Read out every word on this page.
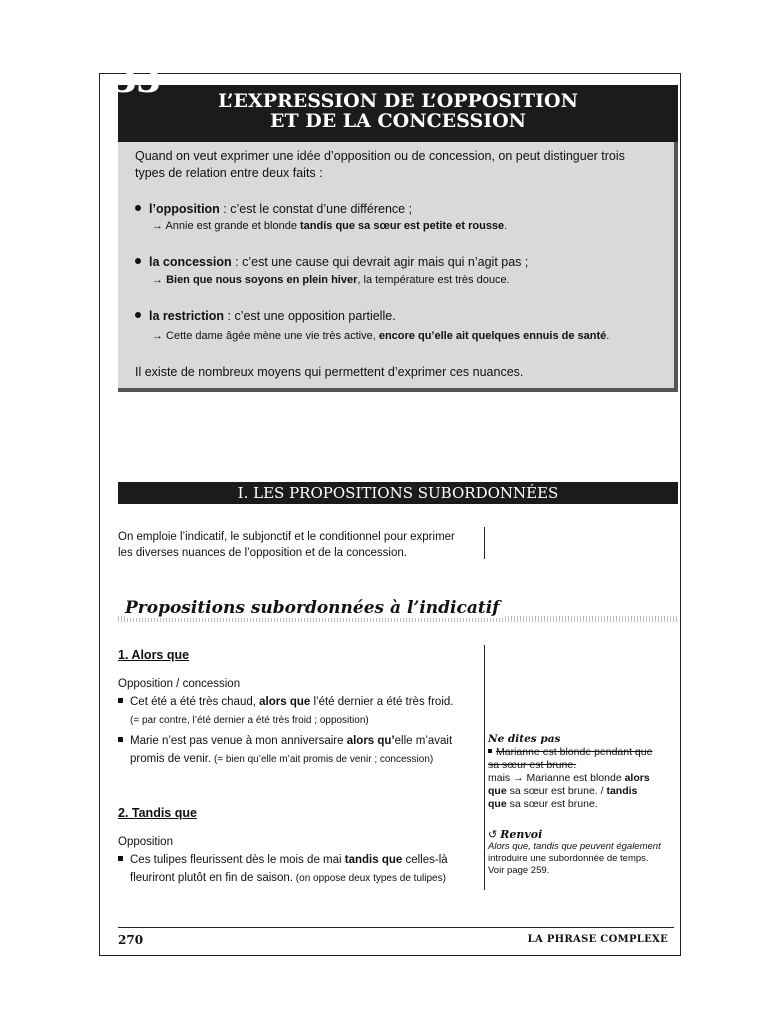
33	L’EXPRESSION DE L’OPPOSITION
ET DE LA CONCESSION

Quand on veut exprimer une idée d’opposition ou de concession, on peut distinguer trois

types de relation entre deux faits :

l’opposition : c’est le constat d’une différence ;

→ Annie est grande et blonde tandis que sa sœur est petite et rousse.

la concession : c’est une cause qui devrait agir mais qui n’agit pas ;

→ Bien que nous soyons en plein hiver, la température est très douce.

la restriction : c’est une opposition partielle.

→ Cette dame âgée mène une vie très active, encore qu’elle ait quelques ennuis de santé.

Il existe de nombreux moyens qui permettent d’exprimer ces nuances.

I. LES PROPOSITIONS SUBORDONNÉES

On emploie l’indicatif, le subjonctif et le conditionnel pour exprimer

les diverses nuances de l’opposition et de la concession.

Propositions subordonnées à l’indicatif
1. Alors que

Opposition / concession

Cet été a été très chaud, alors que l’été dernier a été très froid.

(= par contre, l’été dernier a été très froid ; opposition)

Marie n’est pas venue à mon anniversaire alors qu’elle m’avait

promis de venir. (= bien qu’elle m’ait promis de venir ; concession)

2. Tandis que

Opposition

Ces tulipes fleurissent dès le mois de mai tandis que celles-là

fleuriront plutôt en fin de saison. (on oppose deux types de tulipes)

Ne dites pas
Marianne est blonde pendant que
sa sœur est brune.
mais → Marianne est blonde alors
que sa sœur est brune. / tandis
que sa sœur est brune.
↺ Renvoi
Alors que, tandis que peuvent également
introduire une subordonnée de temps.
Voir page 259.
270	LA PHRASE COMPLEXE
